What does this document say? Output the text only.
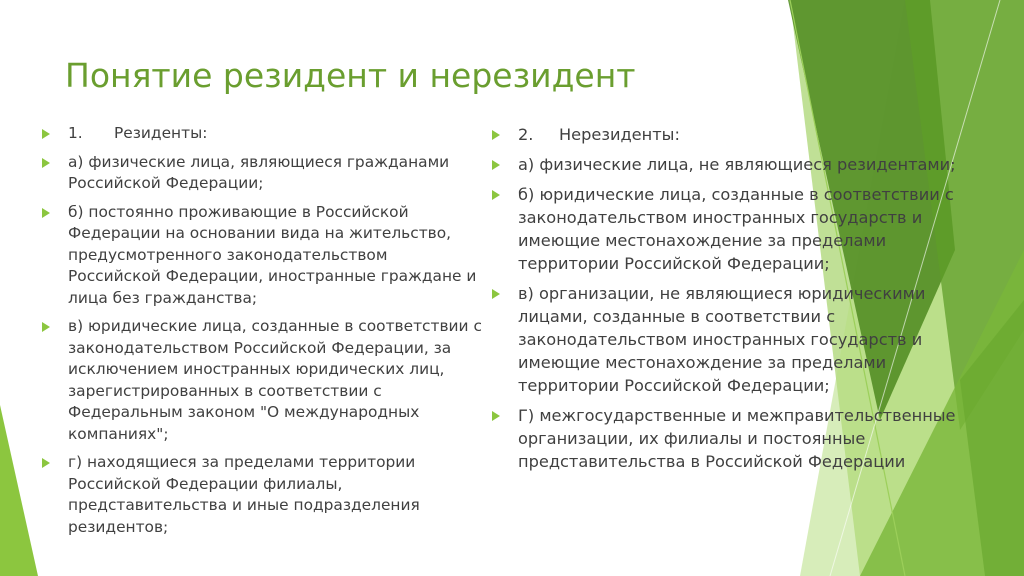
Понятие резидент и нерезидент
1. Резиденты:
а) физические лица, являющиеся гражданами Российской Федерации;
б) постоянно проживающие в Российской Федерации на основании вида на жительство, предусмотренного законодательством Российской Федерации, иностранные граждане и лица без гражданства;
в) юридические лица, созданные в соответствии с законодательством Российской Федерации, за исключением иностранных юридических лиц, зарегистрированных в соответствии с Федеральным законом "О международных компаниях";
г) находящиеся за пределами территории Российской Федерации филиалы, представительства и иные подразделения резидентов;
2. Нерезиденты:
а) физические лица, не являющиеся резидентами;
б) юридические лица, созданные в соответствии с законодательством иностранных государств и имеющие местонахождение за пределами территории Российской Федерации;
в) организации, не являющиеся юридическими лицами, созданные в соответствии с законодательством иностранных государств и имеющие местонахождение за пределами территории Российской Федерации;
Г) межгосударственные и межправительственные организации, их филиалы и постоянные представительства в Российской Федерации
